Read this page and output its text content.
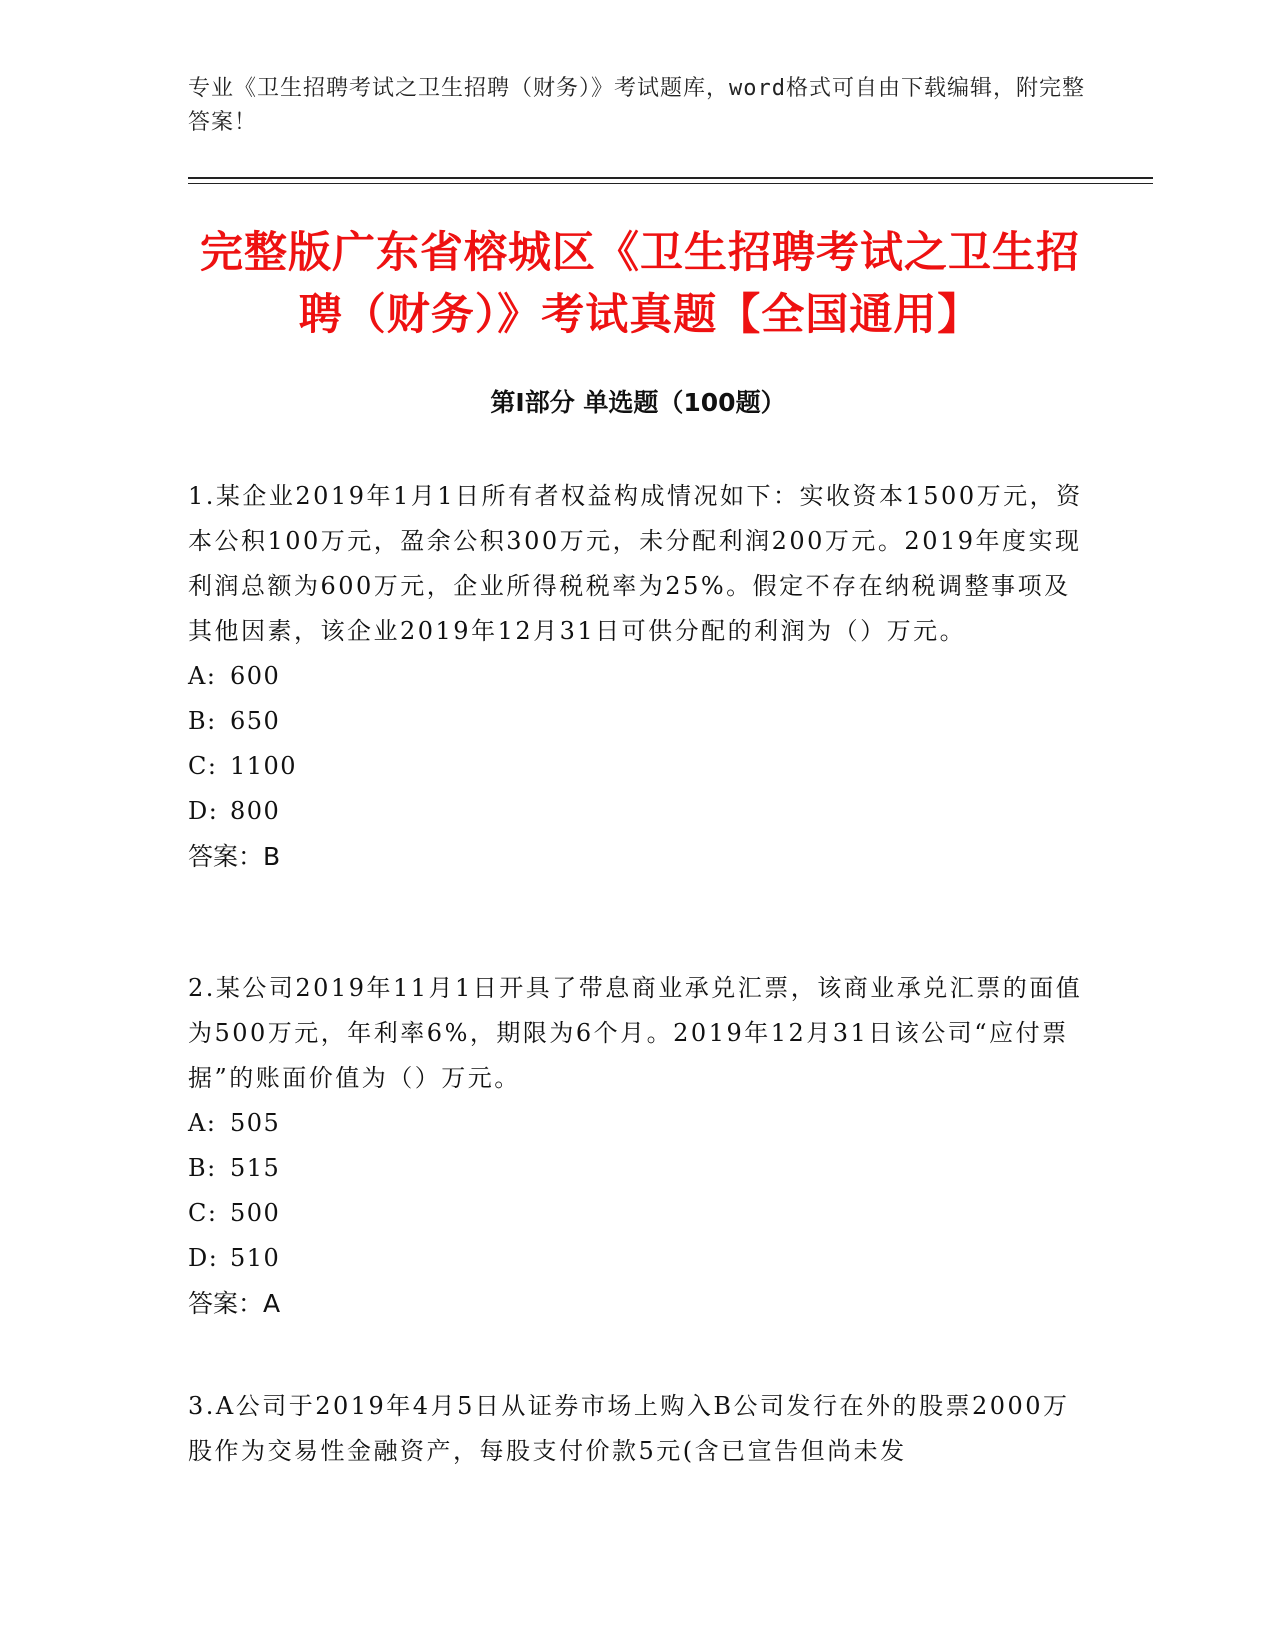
专业《卫生招聘考试之卫生招聘（财务）》考试题库，word格式可自由下载编辑，附完整答案！
完整版广东省榕城区《卫生招聘考试之卫生招聘（财务）》考试真题【全国通用】
第Ⅰ部分 单选题（100题）

1.某企业2019年1月1日所有者权益构成情况如下：实收资本1500万元，资本公积100万元，盈余公积300万元，未分配利润200万元。2019年度实现利润总额为600万元，企业所得税税率为25%。假定不存在纳税调整事项及其他因素，该企业2019年12月31日可供分配的利润为（）万元。

A: 600

B: 650

C: 1100

D: 800

答案：B

2.某公司2019年11月1日开具了带息商业承兑汇票，该商业承兑汇票的面值为500万元，年利率6%，期限为6个月。2019年12月31日该公司“应付票据”的账面价值为（）万元。

A: 505

B: 515

C: 500

D: 510

答案：A

3.A公司于2019年4月5日从证券市场上购入B公司发行在外的股票2000万股作为交易性金融资产，每股支付价款5元(含已宣告但尚未发
